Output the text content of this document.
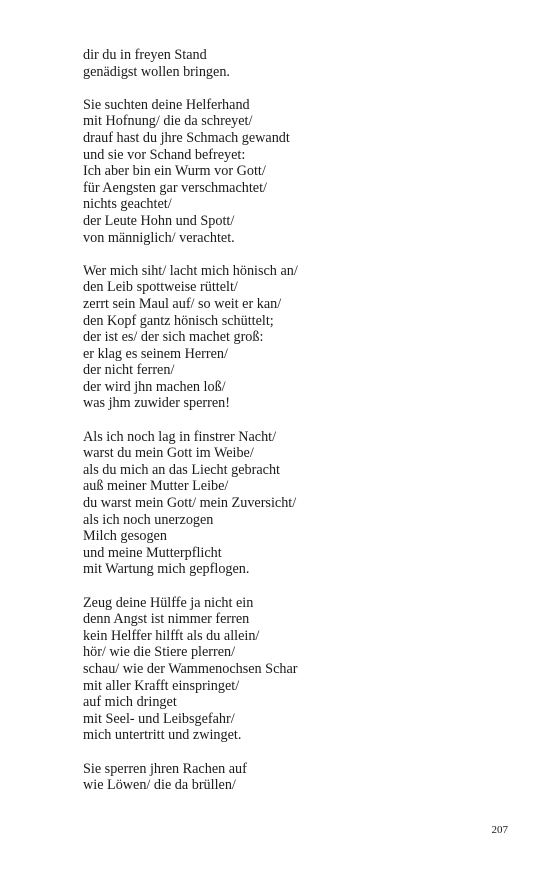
dir du in freyen Stand
genädigst wollen bringen.
Sie suchten deine Helferhand
mit Hofnung/ die da schreyet/
drauf hast du jhre Schmach gewandt
und sie vor Schand befreyet:
Ich aber bin ein Wurm vor Gott/
für Aengsten gar verschmachtet/
nichts geachtet/
der Leute Hohn und Spott/
von männiglich/ verachtet.
Wer mich siht/ lacht mich hönisch an/
den Leib spottweise rüttelt/
zerrt sein Maul auf/ so weit er kan/
den Kopf gantz hönisch schüttelt;
der ist es/ der sich machet groß:
er klag es seinem Herren/
der nicht ferren/
der wird jhn machen loß/
was jhm zuwider sperren!
Als ich noch lag in finstrer Nacht/
warst du mein Gott im Weibe/
als du mich an das Liecht gebracht
auß meiner Mutter Leibe/
du warst mein Gott/ mein Zuversicht/
als ich noch unerzogen
Milch gesogen
und meine Mutterpflicht
mit Wartung mich gepflogen.
Zeug deine Hülffe ja nicht ein
denn Angst ist nimmer ferren
kein Helffer hilfft als du allein/
hör/ wie die Stiere plerren/
schau/ wie der Wammenochsen Schar
mit aller Krafft einspringet/
auf mich dringet
mit Seel- und Leibsgefahr/
mich untertritt und zwinget.
Sie sperren jhren Rachen auf
wie Löwen/ die da brüllen/
207
